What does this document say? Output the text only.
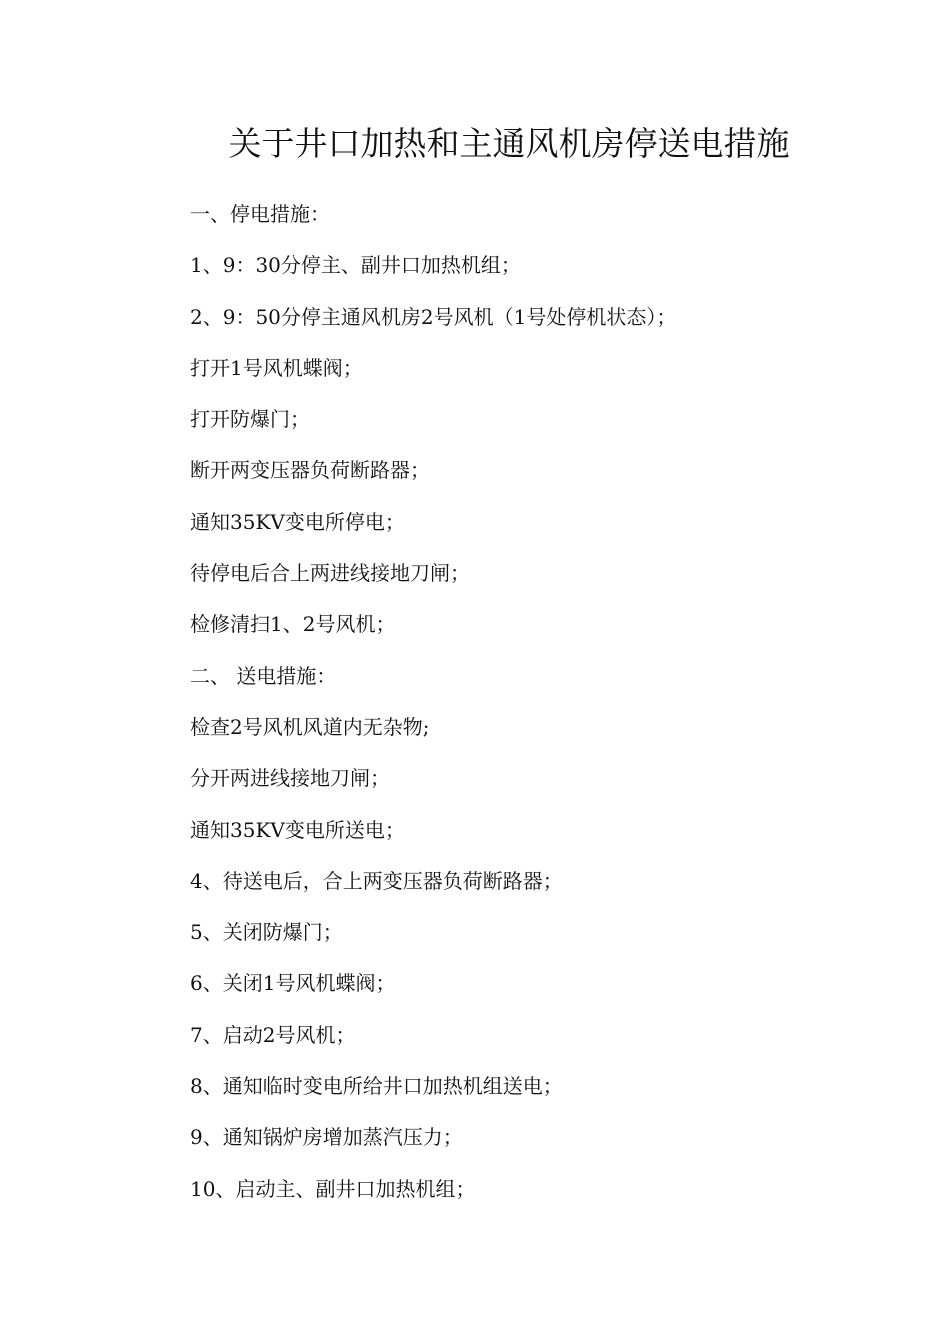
关于井口加热和主通风机房停送电措施
一、停电措施：
1、9：30分停主、副井口加热机组；
2、9：50分停主通风机房2号风机（1号处停机状态）；
打开1号风机蝶阀；
打开防爆门；
断开两变压器负荷断路器；
通知35KV变电所停电；
待停电后合上两进线接地刀闸；
检修清扫1、2号风机；
二、 送电措施：
检查2号风机风道内无杂物;
分开两进线接地刀闸；
通知35KV变电所送电；
4、待送电后，合上两变压器负荷断路器；
5、关闭防爆门；
6、关闭1号风机蝶阀；
7、启动2号风机；
8、通知临时变电所给井口加热机组送电；
9、通知锅炉房增加蒸汽压力；
10、启动主、副井口加热机组；
